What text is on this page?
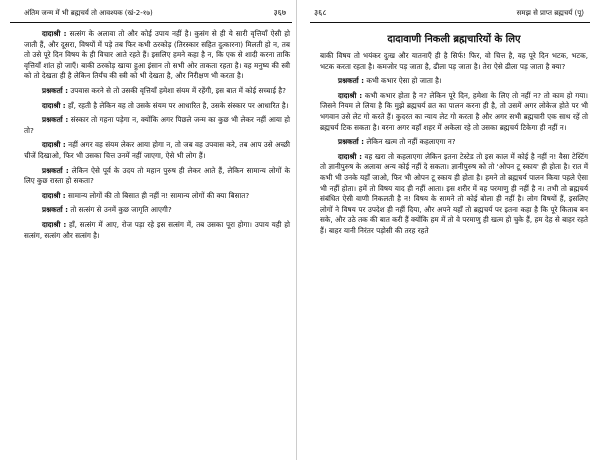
अंतिम जन्म में भी ब्रह्मचर्य तो आवश्यक (खं-2-१७)	३६७

दादाश्री : सत्संग के अलावा तो और कोई उपाय नहीं है। कुसंग से ही ये सारी वृत्तियाँ ऐसी हो जाती हैं, और दूसरा, विषयों में पड़े तब फिर कभी ठरकोड़ (तिरस्कार सहित दुत्कारना) मिलती हो न, तब तो उसे पूरे दिन विषय के ही विचार आते रहते हैं। इसलिए हमने कहा है न, कि एक से शादी करना ताकि वृत्तियाँ शांत हो जाएँ। बाकी ठरकोड़ खाया हुआ इंसान तो सभी ओर ताकता रहता है। वह मनुष्य की स्त्री को तो देखता ही है लेकिन तिर्यंच की स्त्री को भी देखता है, और निरीक्षण भी करता है।

प्रश्नकर्ता : उपवास करने से तो उसकी वृत्तियाँ हमेशा संयम में रहेंगी, इस बात में कोई सच्चाई है?

दादाश्री : हाँ, रहती है लेकिन वह तो उसके संयम पर आधारित है, उसके संस्कार पर आधारित है।

प्रश्नकर्ता : संस्कार तो गहना पड़ेगा न, क्योंकि अगर पिछले जन्म का कुछ भी लेकर नहीं आया हो तो?

दादाश्री : नहीं अगर वह संयम लेकर आया होगा न, तो जब वह उपवास करे, तब आप उसे अच्छी चीजें दिखाओ, फिर भी उसका चित्त उनमें नहीं जाएगा, ऐसे भी लोग हैं।

प्रश्नकर्ता : लेकिन ऐसे पूर्व के उदय तो महान पुरुष ही लेकर आते हैं, लेकिन सामान्य लोगों के लिए कुछ रास्ता हो सकता?

दादाश्री : सामान्य लोगों की तो बिसात ही नहीं न! सामान्य लोगों की क्या बिसात?

प्रश्नकर्ता : तो सत्संग से उनमें कुछ जागृति आएगी?

दादाश्री : हाँ, सत्संग में आए, रोज पड़ा रहे इस सत्संग में, तब उसका पूरा होगा। उपाय यही हो सत्संग, सत्संग और सत्संग है।

३६८	समझ से प्राप्त ब्रह्मचर्य (पू)
दादावाणी निकली ब्रह्मचारियों के लिए

बाकी विषय तो भयंकर दुःख और यातनाएँ ही है सिर्फ! फिर, वो चित्त है, वह पूरे दिन भटक, भटक, भटक करता रहता है। कमजोर पड़ जाता है, ढीला पड़ जाता है। तेरा ऐसे ढीला पड़ जाता है क्या?

प्रश्नकर्ता : कभी कभार ऐसा हो जाता है।

दादाश्री : कभी कभार होता है न? लेकिन पूरे दिन, हमेशा के लिए तो नहीं न? तो काम हो गया। जिसने नियम ले लिया है कि मुझे ब्रह्मचर्य व्रत का पालन करना ही है, तो उसमें अगर लोकेज होते पर भी भगवान उसे लेट गो करते हैं। कुदरत का न्याय लेट गो करता है और अगर सभी ब्रह्मचारी एक साथ रहें तो ब्रह्मचर्य टिक सकता है। वरना अगर वहाँ शहर में अकेला रहे तो उसका ब्रह्मचर्य टिकेगा ही नहीं न।

प्रश्नकर्ता : लेकिन खत्म तो नहीं कहलाएगा न?

दादाश्री : वह खरा तो कहलाएगा लेकिन इतना टेस्टेड तो इस काल में कोई है नहीं न! वैसा टेस्टिंग तो ज्ञानीपुरुष के अलावा अन्य कोई नहीं दे सकता। ज्ञानीपुरुष को तो 'ओपन टू स्काय' ही होता है। रात में कभी भी उनके यहाँ जाओ, फिर भी ओपन टू स्काय ही होता है। हमने तो ब्रह्मचर्य पालन किया पहले ऐसा भी नहीं होता। हमें तो विषय याद ही नहीं आता। इस शरीर में वह परमाणु ही नहीं है न। तभी तो ब्रह्मचर्य संबंधित ऐसी वाणी निकलती है न! विषय के सामने तो कोई बोला ही नहीं है। लोग विषयों हैं, इसलिए लोगों ने विषय पर उपदेश ही नहीं दिया, और अपने यहाँ तो ब्रह्मचर्य पर इतना कहा है कि पूरे किताब बन सके, और उठे तक की बात करी हैं क्योंकि हम में तो वे परमाणु ही खत्म हो चुके हैं, हम देह से बाहर रहते हैं। बाहर यानी निरंतर पड़ोसी की तरह रहते
